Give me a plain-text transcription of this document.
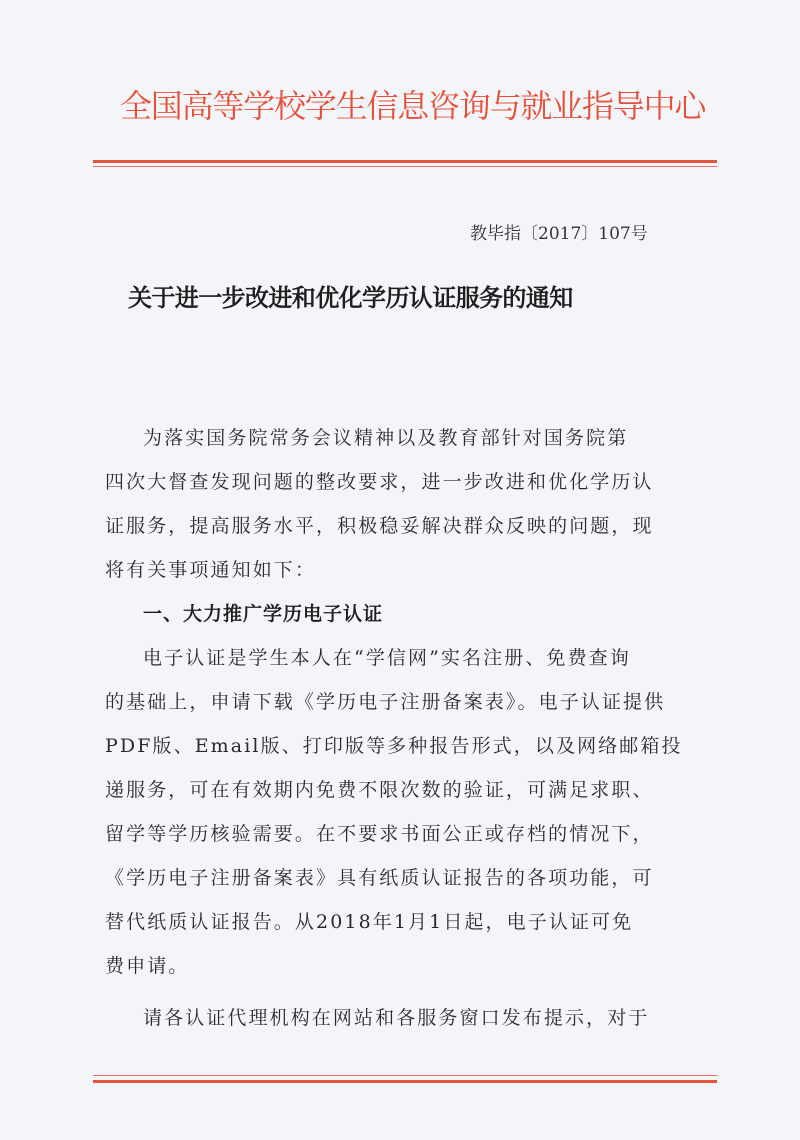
全国高等学校学生信息咨询与就业指导中心
教毕指〔2017〕107号
关于进一步改进和优化学历认证服务的通知
为落实国务院常务会议精神以及教育部针对国务院第
四次大督查发现问题的整改要求，进一步改进和优化学历认
证服务，提高服务水平，积极稳妥解决群众反映的问题，现
将有关事项通知如下：
一、大力推广学历电子认证
电子认证是学生本人在“学信网”实名注册、免费查询
的基础上，申请下载《学历电子注册备案表》。电子认证提供
PDF版、Email版、打印版等多种报告形式，以及网络邮箱投
递服务，可在有效期内免费不限次数的验证，可满足求职、
留学等学历核验需要。在不要求书面公正或存档的情况下，
《学历电子注册备案表》具有纸质认证报告的各项功能，可
替代纸质认证报告。从2018年1月1日起，电子认证可免
费申请。
请各认证代理机构在网站和各服务窗口发布提示，对于
